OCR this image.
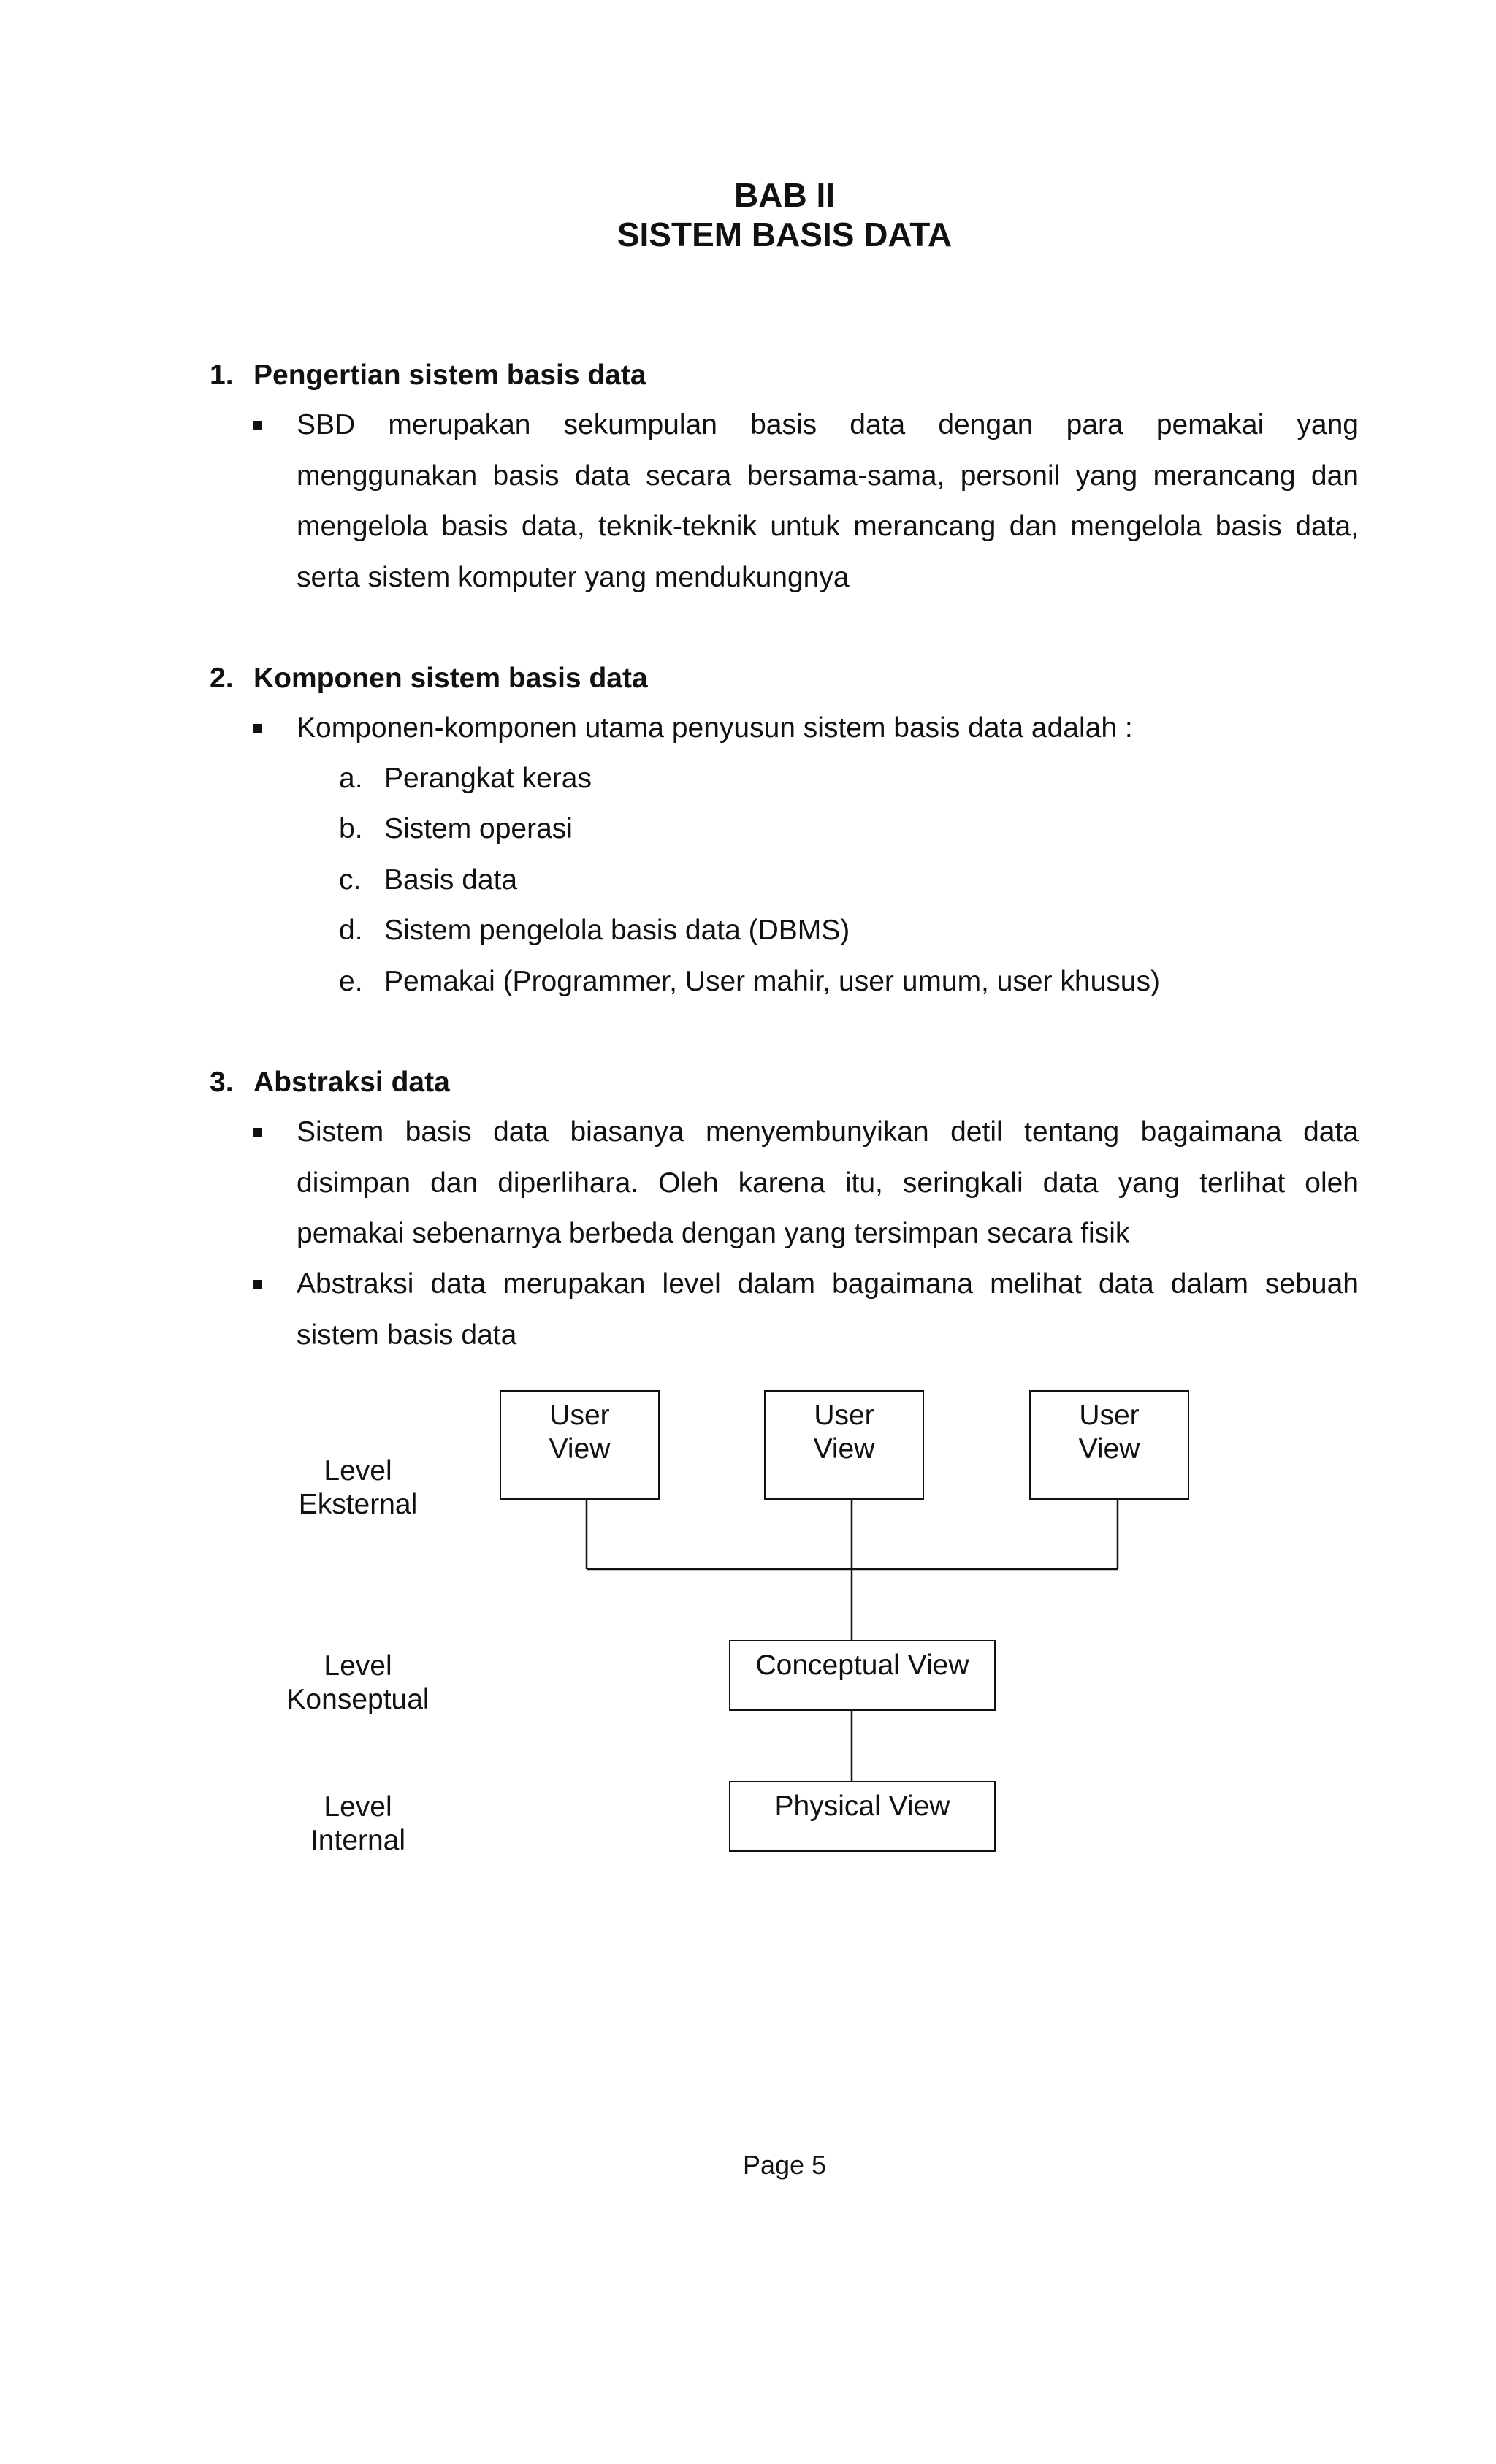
BAB II
SISTEM BASIS DATA
1. Pengertian sistem basis data
SBD merupakan sekumpulan basis data dengan para pemakai yang
menggunakan basis data secara bersama-sama, personil yang merancang dan
mengelola basis data, teknik-teknik untuk merancang dan mengelola basis data,
serta sistem komputer yang mendukungnya
2. Komponen sistem basis data
Komponen-komponen utama penyusun sistem basis data adalah :
a. Perangkat keras
b. Sistem operasi
c. Basis data
d. Sistem pengelola basis data (DBMS)
e. Pemakai (Programmer, User mahir, user umum, user khusus)
3. Abstraksi data
Sistem basis data biasanya menyembunyikan detil tentang bagaimana data
disimpan dan diperlihara. Oleh karena itu, seringkali data yang terlihat oleh
pemakai sebenarnya berbeda dengan yang tersimpan secara fisik
Abstraksi data merupakan level dalam bagaimana melihat data dalam sebuah
sistem basis data
Level
Eksternal
Level
Konseptual
Level
Internal
User
View
User
View
User
View
Conceptual View
Physical View
Page 5
